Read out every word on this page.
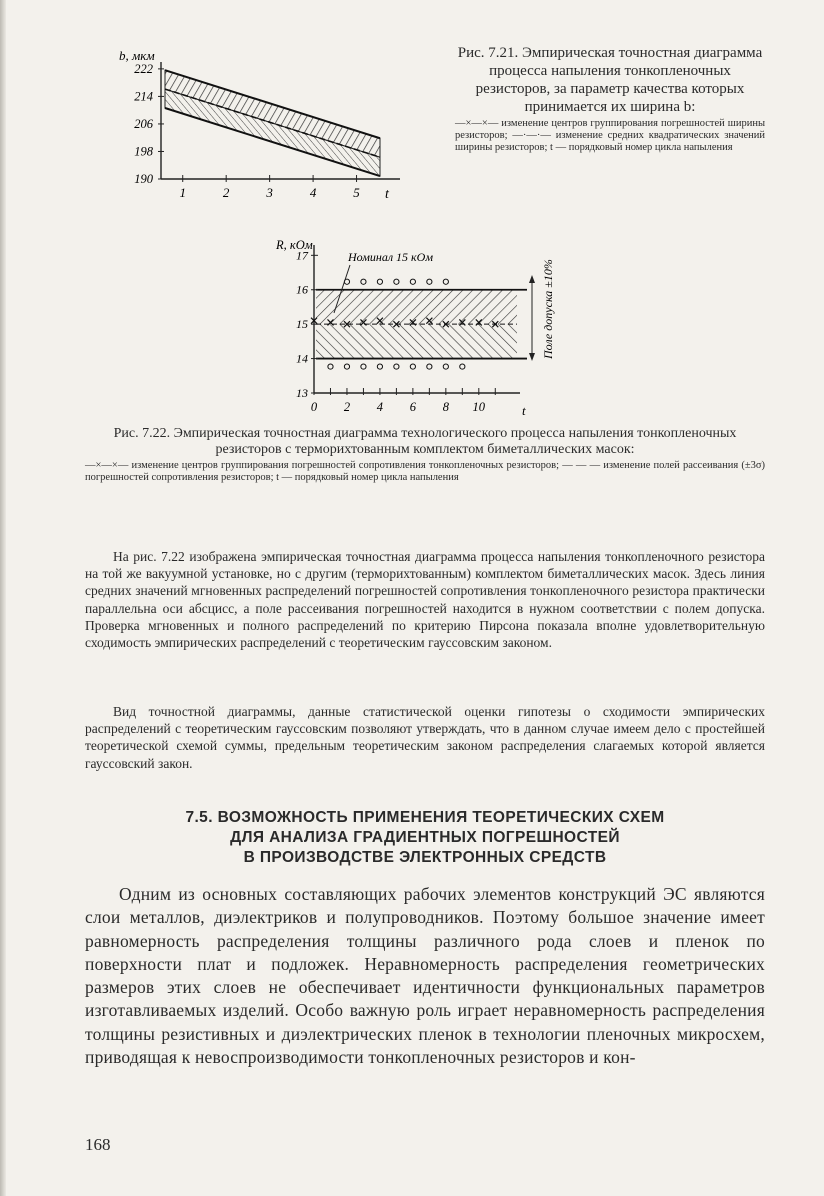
b, мкм
222
214
206
198
190
1	2	3	4	5 t
Рис. 7.21. Эмпирическая точностная диаграмма процесса напыления тонкопленочных резисторов, за параметр качества которых принимается их ширина b:
—×—×— изменение центров группирования погрешностей ширины резисторов; —·—·— изменение средних квадратических значений ширины резисторов; t — порядковый номер цикла напыления
R, кОм
17
16
15
14
13
0 2 4 6 8 10
Номинал 15 кОм
Поле допуска ±10%
t
Рис. 7.22. Эмпирическая точностная диаграмма технологического процесса напыления тонкопленочных резисторов с терморихтованным комплектом биметаллических масок:
—×—×— изменение центров группирования погрешностей сопротивления тонкопленочных резисторов; — — — изменение полей рассеивания (±3σ) погрешностей сопротивления резисторов; t — порядковый номер цикла напыления

На рис. 7.22 изображена эмпирическая точностная диаграмма процесса напыления тонкопленочного резистора на той же вакуумной установке, но с другим (терморихтованным) комплектом биметаллических масок. Здесь линия средних значений мгновенных распределений погрешностей сопротивления тонкопленочного резистора практически параллельна оси абсцисс, а поле рассеивания погрешностей находится в нужном соответствии с полем допуска. Проверка мгновенных и полного распределений по критерию Пирсона показала вполне удовлетворительную сходимость эмпирических распределений с теоретическим гауссовским законом.

Вид точностной диаграммы, данные статистической оценки гипотезы о сходимости эмпирических распределений с теоретическим гауссовским позволяют утверждать, что в данном случае имеем дело с простейшей теоретической схемой суммы, предельным теоретическим законом распределения слагаемых которой является гауссовский закон.

7.5. ВОЗМОЖНОСТЬ ПРИМЕНЕНИЯ ТЕОРЕТИЧЕСКИХ СХЕМ
ДЛЯ АНАЛИЗА ГРАДИЕНТНЫХ ПОГРЕШНОСТЕЙ
В ПРОИЗВОДСТВЕ ЭЛЕКТРОННЫХ СРЕДСТВ

Одним из основных составляющих рабочих элементов конструкций ЭС являются слои металлов, диэлектриков и полупроводников. Поэтому большое значение имеет равномерность распределения толщины различного рода слоев и пленок по поверхности плат и подложек. Неравномерность распределения геометрических размеров этих слоев не обеспечивает идентичности функциональных параметров изготавливаемых изделий. Особо важную роль играет неравномерность распределения толщины резистивных и диэлектрических пленок в технологии пленочных микросхем, приводящая к невоспроизводимости тонкопленочных резисторов и кон-

168
